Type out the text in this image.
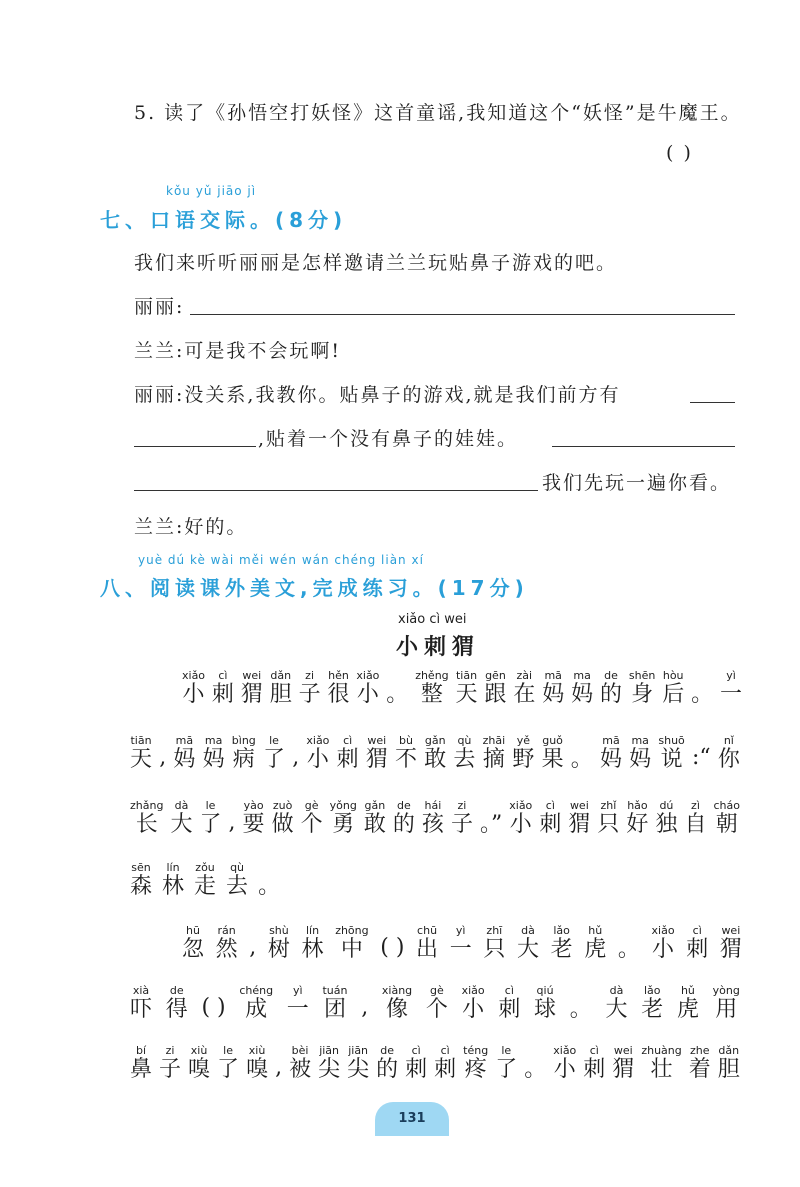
5. 读了《孙悟空打妖怪》这首童谣,我知道这个“妖怪”是牛魔王。
( )
kǒu yǔ jiāo jì
七、口语交际。(8分)
我们来听听丽丽是怎样邀请兰兰玩贴鼻子游戏的吧。
丽丽:
兰兰:可是我不会玩啊!
丽丽:没关系,我教你。贴鼻子的游戏,就是我们前方有
,贴着一个没有鼻子的娃娃。
我们先玩一遍你看。
兰兰:好的。
yuè dú kè wài měi wén wán chéng liàn xí
八、阅读课外美文,完成练习。(17分)
xiǎo cì wei
小刺猬
小xiǎo
刺cì
猬wei
胆dǎn
子zi
很hěn
小xiǎo
。 整zhěng
天tiān
跟gēn
在zài
妈mā
妈ma
的de
身shēn
后hòu
。 一yì
天tiān
, 妈mā
妈ma
病bìng
了le
, 小xiǎo
刺cì
猬wei
不bù
敢gǎn
去qù
摘zhāi
野yě
果guǒ
。 妈mā
妈ma
说shuō
:“ 你nǐ
长zhǎng
大dà
了le
, 要yào
做zuò
个gè
勇yǒng
敢gǎn
的de
孩hái
子zi
。” 小xiǎo
刺cì
猬wei
只zhǐ
好hǎo
独dú
自zì
朝cháo
森sēn
林lín
走zǒu
去qù
。
忽hū
然rán
, 树shù
林lín
中zhōng
( ) 出chū
一yì
只zhī
大dà
老lǎo
虎hǔ
。 小xiǎo
刺cì
猬wei
吓xià
得de
( ) 成chéng
一yì
团tuán
, 像xiàng
个gè
小xiǎo
刺cì
球qiú
。 大dà
老lǎo
虎hǔ
用yòng
鼻bí
子zi
嗅xiù
了le
嗅xiù
, 被bèi
尖jiān
尖jiān
的de
刺cì
刺cì
疼téng
了le
。 小xiǎo
刺cì
猬wei
壮zhuàng
着zhe
胆dǎn
131
